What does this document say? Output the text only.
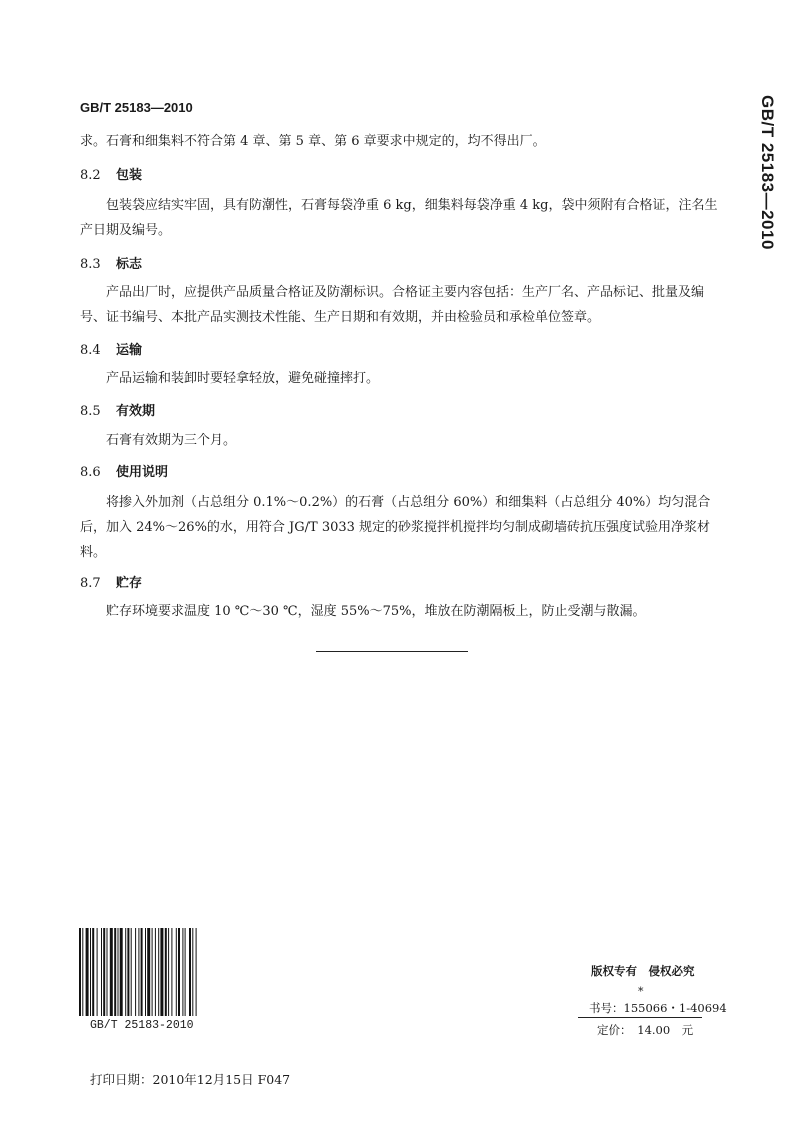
GB/T 25183—2010	GB/T 25183—2010
求。石膏和细集料不符合第 4 章、第 5 章、第 6 章要求中规定的，均不得出厂。
8.2 包装
包装袋应结实牢固，具有防潮性，石膏每袋净重 6 kg，细集料每袋净重 4 kg，袋中须附有合格证，注名生产日期及编号。
8.3 标志
产品出厂时，应提供产品质量合格证及防潮标识。合格证主要内容包括：生产厂名、产品标记、批量及编号、证书编号、本批产品实测技术性能、生产日期和有效期，并由检验员和承检单位签章。
8.4 运输
产品运输和装卸时要轻拿轻放，避免碰撞摔打。
8.5 有效期
石膏有效期为三个月。
8.6 使用说明
将掺入外加剂（占总组分 0.1%～0.2%）的石膏（占总组分 60%）和细集料（占总组分 40%）均匀混合后，加入 24%～26%的水，用符合 JG/T 3033 规定的砂浆搅拌机搅拌均匀制成砌墙砖抗压强度试验用净浆材料。
8.7 贮存
贮存环境要求温度 10 ℃～30 ℃，湿度 55%～75%，堆放在防潮隔板上，防止受潮与散漏。
GB/T 25183-2010
版权专有　侵权必究
*
书号：155066・1-40694
定价：　14.00　元
打印日期：2010年12月15日 F047
